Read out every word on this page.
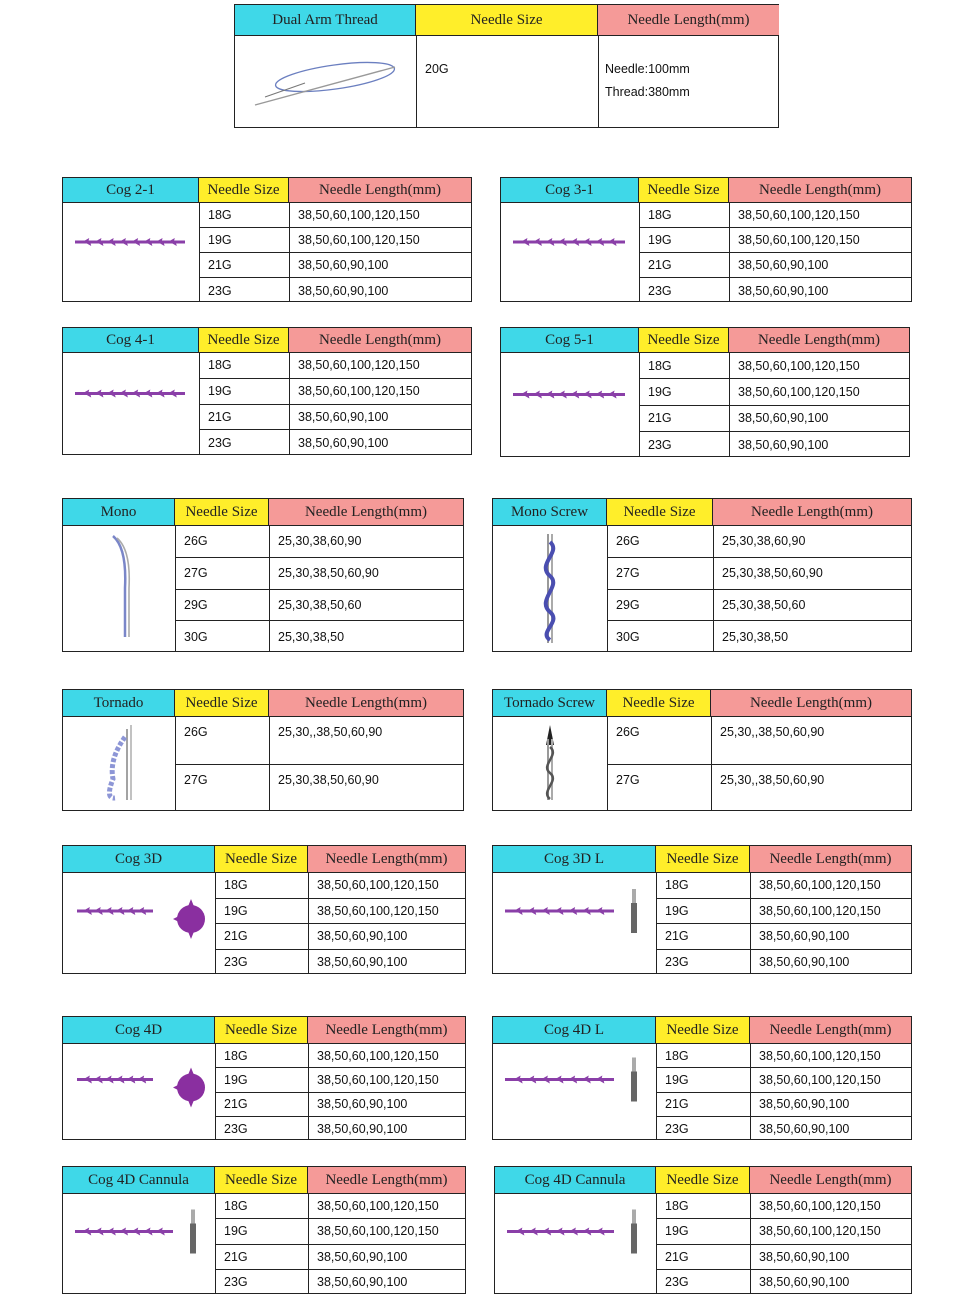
Dual Arm Thread	Needle Size	Needle Length(mm)
20G	Needle:100mm
Thread:380mm
Cog 2-1	Needle Size	Needle Length(mm)
18G	38,50,60,100,120,150
19G	38,50,60,100,120,150
21G	38,50,60,90,100
23G	38,50,60,90,100
Cog 3-1	Needle Size	Needle Length(mm)
18G	38,50,60,100,120,150
19G	38,50,60,100,120,150
21G	38,50,60,90,100
23G	38,50,60,90,100
Cog 4-1	Needle Size	Needle Length(mm)
18G	38,50,60,100,120,150
19G	38,50,60,100,120,150
21G	38,50,60,90,100
23G	38,50,60,90,100
Cog 5-1	Needle Size	Needle Length(mm)
18G	38,50,60,100,120,150
19G	38,50,60,100,120,150
21G	38,50,60,90,100
23G	38,50,60,90,100
Mono	Needle Size	Needle Length(mm)
26G	25,30,38,60,90
27G	25,30,38,50,60,90
29G	25,30,38,50,60
30G	25,30,38,50
Mono Screw	Needle Size	Needle Length(mm)
26G	25,30,38,60,90
27G	25,30,38,50,60,90
29G	25,30,38,50,60
30G	25,30,38,50
Tornado	Needle Size	Needle Length(mm)
26G	25,30,,38,50,60,90
27G	25,30,38,50,60,90
Tornado Screw	Needle Size	Needle Length(mm)
26G	25,30,,38,50,60,90
27G	25,30,,38,50,60,90
Cog 3D	Needle Size	Needle Length(mm)
18G	38,50,60,100,120,150
19G	38,50,60,100,120,150
21G	38,50,60,90,100
23G	38,50,60,90,100
Cog 3D L	Needle Size	Needle Length(mm)
18G	38,50,60,100,120,150
19G	38,50,60,100,120,150
21G	38,50,60,90,100
23G	38,50,60,90,100
Cog 4D	Needle Size	Needle Length(mm)
18G	38,50,60,100,120,150
19G	38,50,60,100,120,150
21G	38,50,60,90,100
23G	38,50,60,90,100
Cog 4D L	Needle Size	Needle Length(mm)
18G	38,50,60,100,120,150
19G	38,50,60,100,120,150
21G	38,50,60,90,100
23G	38,50,60,90,100
Cog 4D Cannula	Needle Size	Needle Length(mm)
18G	38,50,60,100,120,150
19G	38,50,60,100,120,150
21G	38,50,60,90,100
23G	38,50,60,90,100
Cog 4D Cannula	Needle Size	Needle Length(mm)
18G	38,50,60,100,120,150
19G	38,50,60,100,120,150
21G	38,50,60,90,100
23G	38,50,60,90,100
